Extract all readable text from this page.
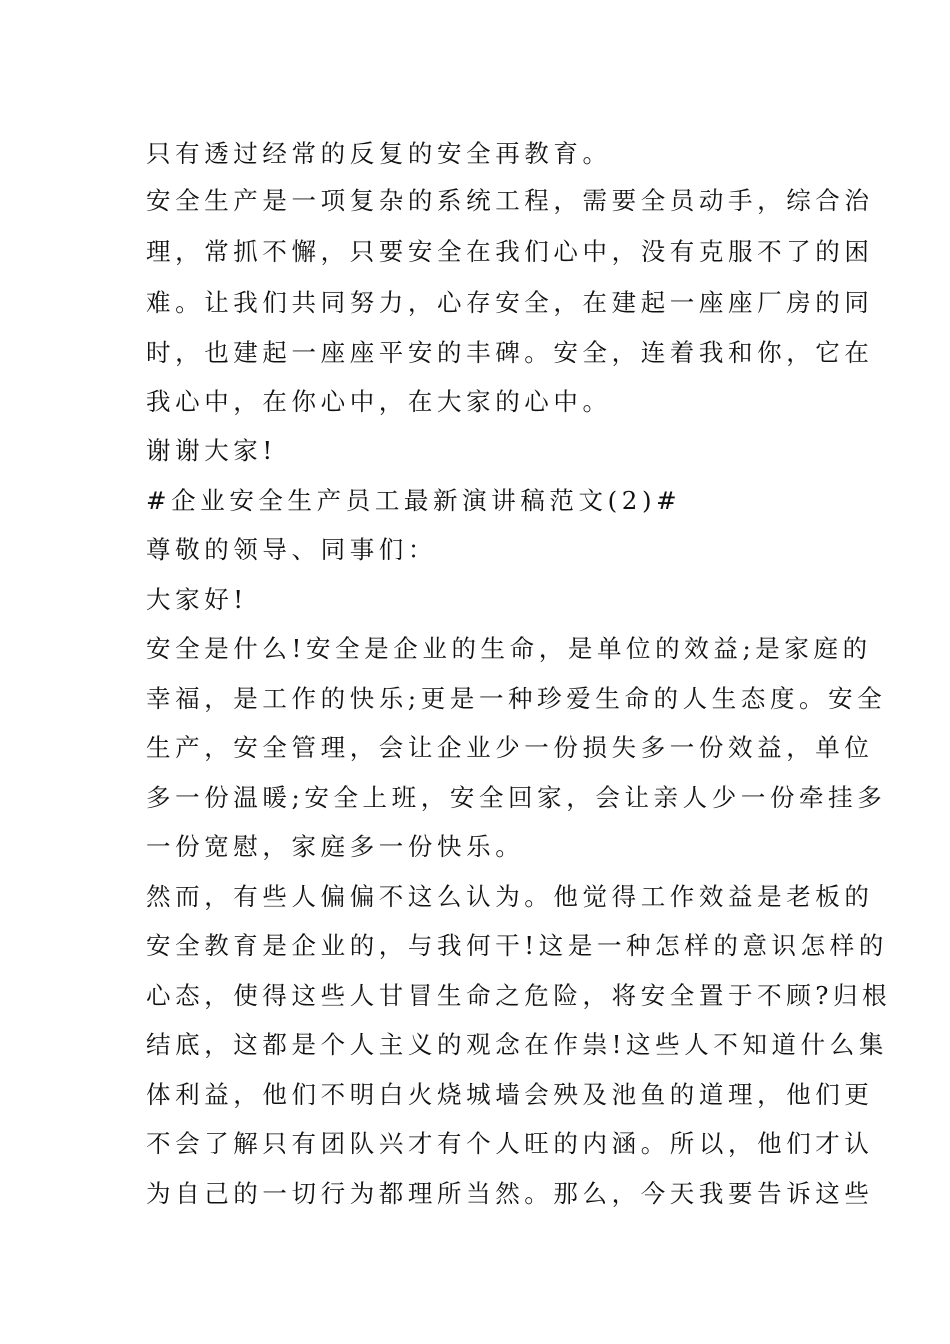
只有透过经常的反复的安全再教育。
安全生产是一项复杂的系统工程，需要全员动手，综合治
理，常抓不懈，只要安全在我们心中，没有克服不了的困
难。让我们共同努力，心存安全，在建起一座座厂房的同
时，也建起一座座平安的丰碑。安全，连着我和你，它在
我心中，在你心中，在大家的心中。
谢谢大家!
#企业安全生产员工最新演讲稿范文(2)#
尊敬的领导、同事们：
大家好!
安全是什么!安全是企业的生命，是单位的效益;是家庭的
幸福，是工作的快乐;更是一种珍爱生命的人生态度。安全
生产，安全管理，会让企业少一份损失多一份效益，单位
多一份温暖;安全上班，安全回家，会让亲人少一份牵挂多
一份宽慰，家庭多一份快乐。
然而，有些人偏偏不这么认为。他觉得工作效益是老板的
安全教育是企业的，与我何干!这是一种怎样的意识怎样的
心态，使得这些人甘冒生命之危险，将安全置于不顾?归根
结底，这都是个人主义的观念在作祟!这些人不知道什么集
体利益，他们不明白火烧城墙会殃及池鱼的道理，他们更
不会了解只有团队兴才有个人旺的内涵。所以，他们才认
为自己的一切行为都理所当然。那么，今天我要告诉这些
